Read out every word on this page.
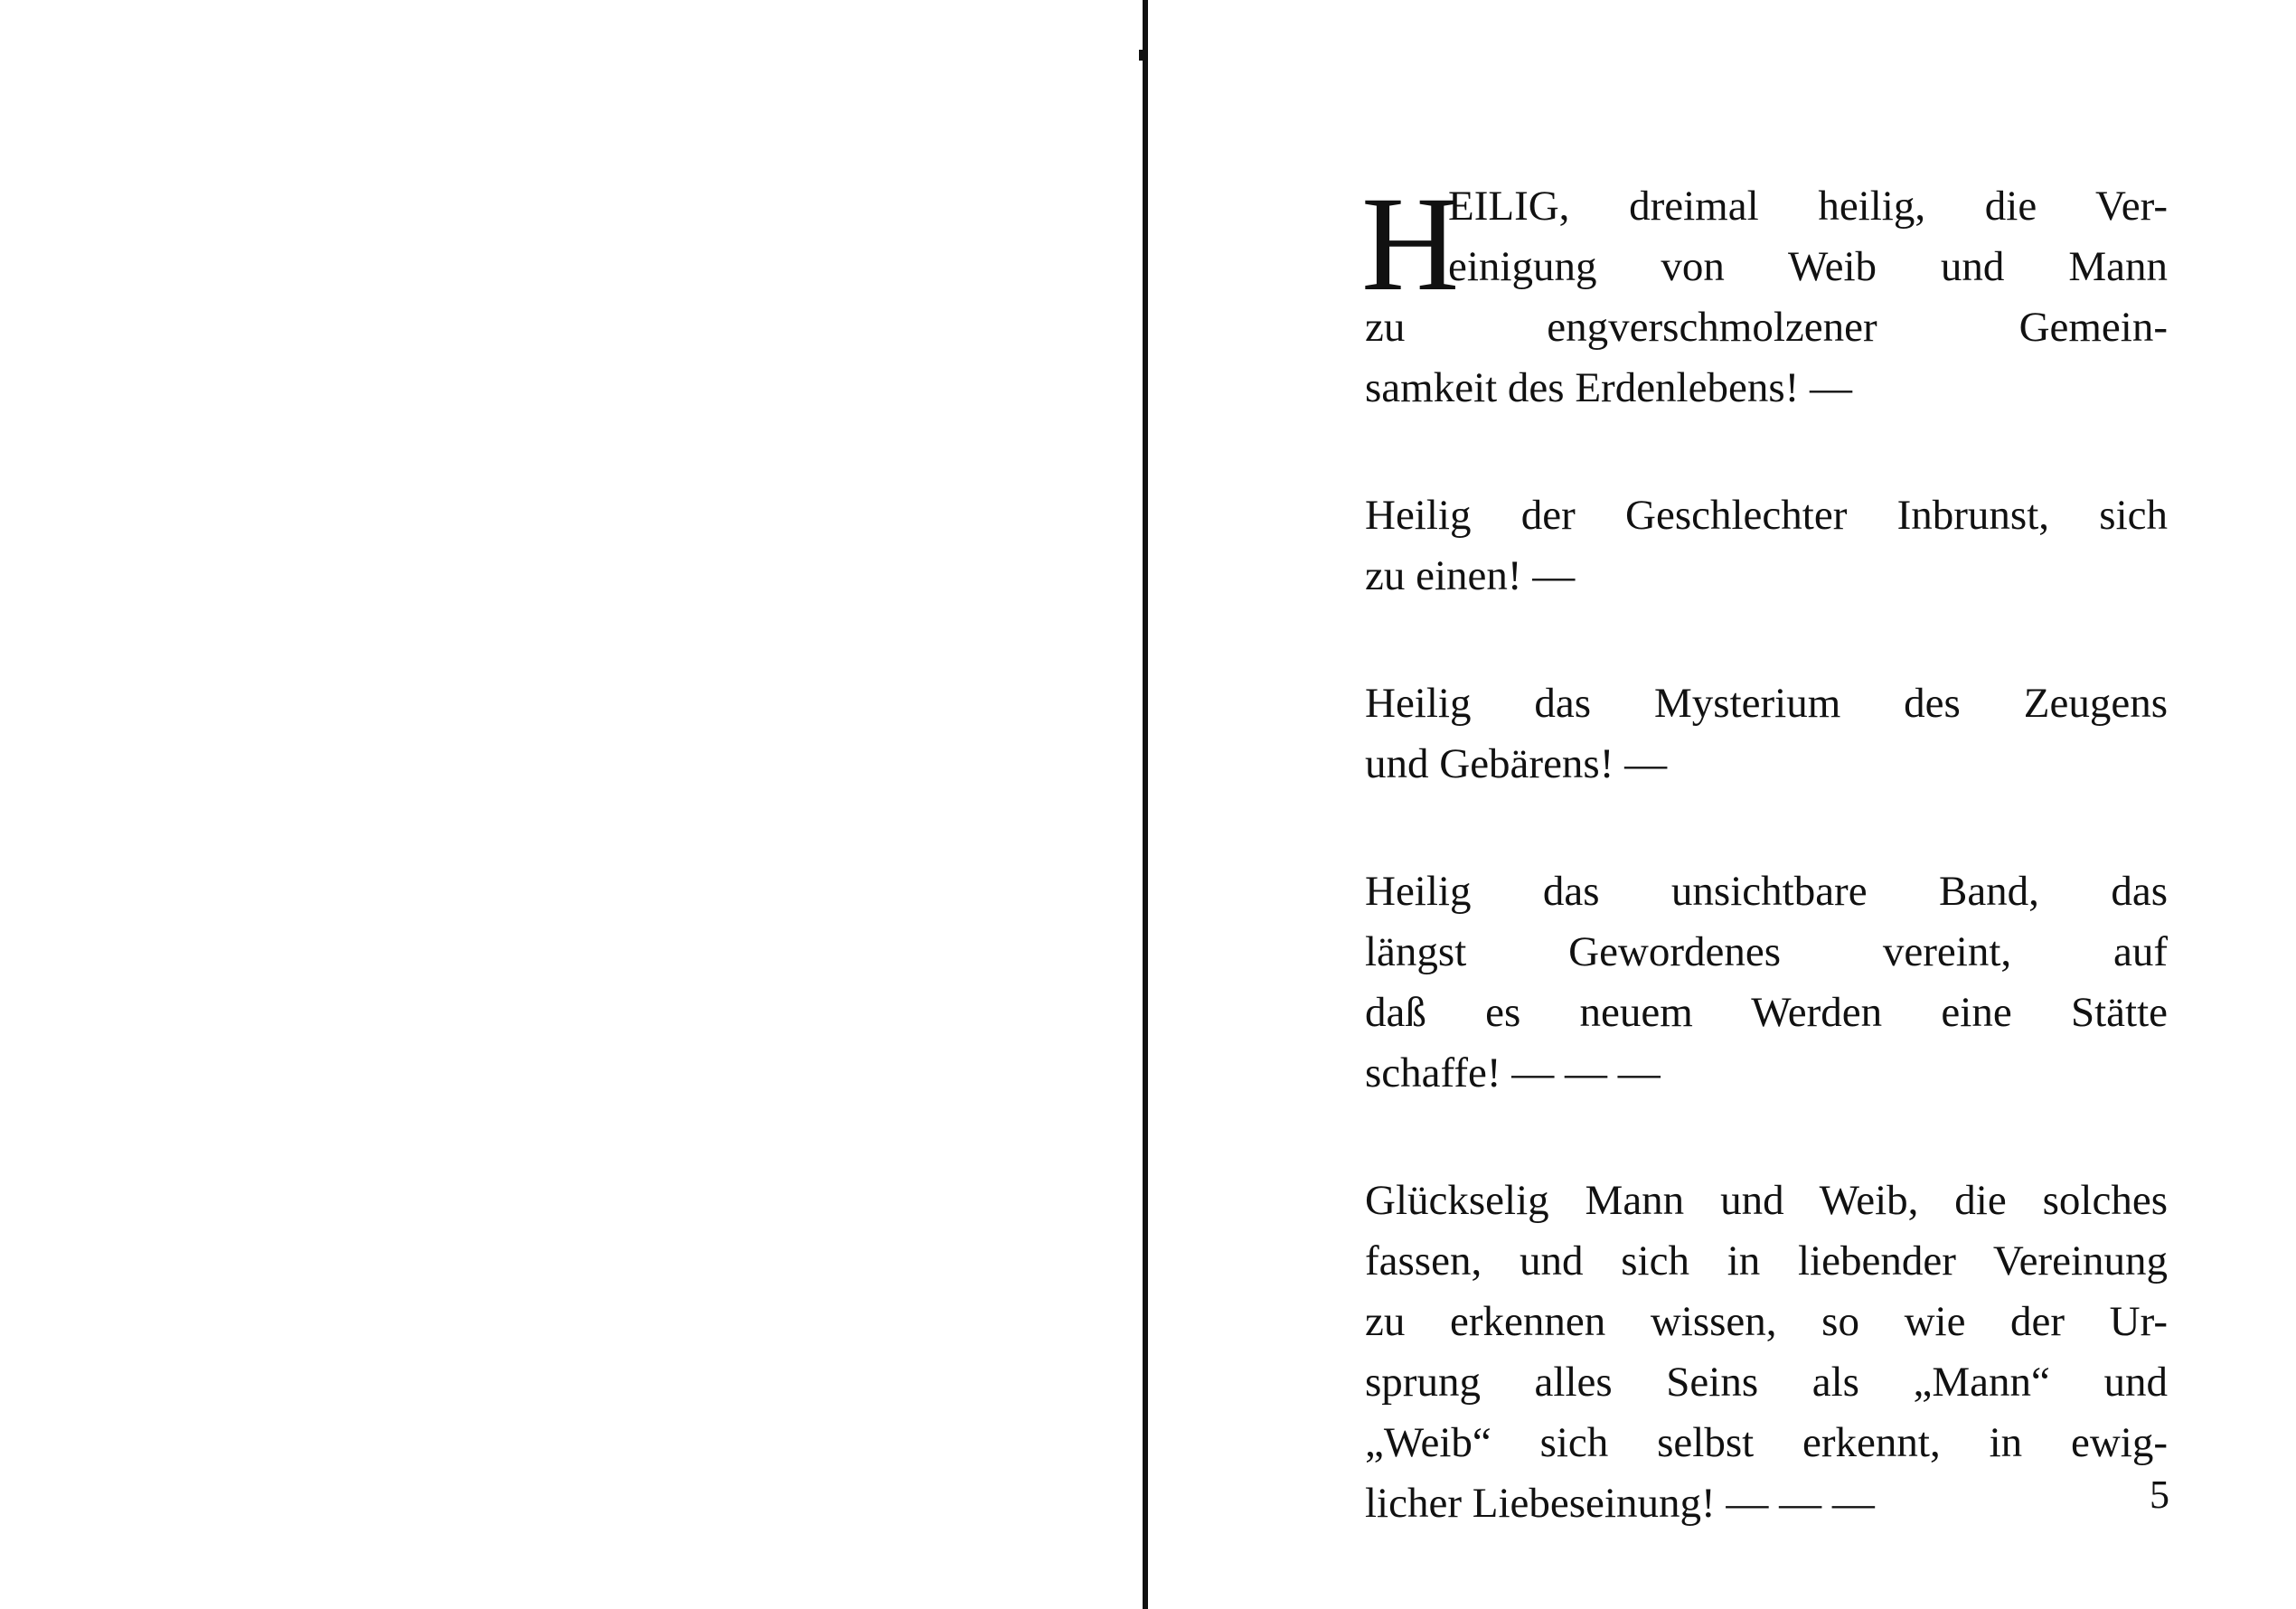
H

EILIG, dreimal heilig, die Ver-
einigung von Weib und Mann
zu engverschmolzener Gemein-
samkeit des Erdenlebens! —

Heilig der Geschlechter Inbrunst, sich
zu einen! —

Heilig das Mysterium des Zeugens
und Gebärens! —

Heilig das unsichtbare Band, das
längst Gewordenes vereint, auf
daß es neuem Werden eine Stätte
schaffe! — — —

Glückselig Mann und Weib, die solches
fassen, und sich in liebender Vereinung
zu erkennen wissen, so wie der Ur-
sprung alles Seins als „Mann“ und
„Weib“ sich selbst erkennt, in ewig-
licher Liebeseinung! — — —	5
